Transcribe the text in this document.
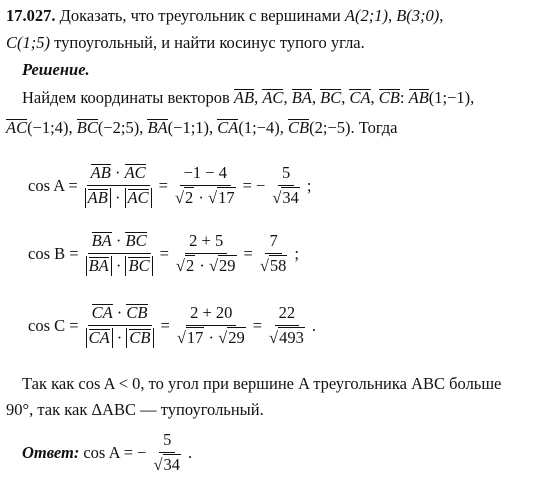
17.027. Доказать, что треугольник с вершинами A(2;1), B(3;0),
C(1;5) тупоугольный, и найти косинус тупого угла.
Решение.
Найдем координаты векторов AB, AC, BA, BC, CA, CB: AB(1;−1),
AC(−1;4), BC(−2;5), BA(−1;1), CA(1;−4), CB(2;−5). Тогда
$\cos A = \frac{AB \cdot AC}{AB \cdot AC} = \frac{-1 - 4}{√2 \cdot √17}$ = − $\frac{5}{√34}$ ;
$\cos B = \frac{BA \cdot BC}{BA \cdot BC} = \frac{2 + 5}{√2 \cdot √29} = \frac{7}{√58}$ ;
$\cos C = \frac{CA \cdot CB}{CA \cdot CB} = \frac{2 + 20}{√17 \cdot √29} = \frac{22}{√493}$ .
Так как cos A < 0, то угол при вершине A треугольника ABC больше
90°, так как ΔABC — тупоугольный.
Ответ: cos A = − $\frac{5}{√34}$ .
